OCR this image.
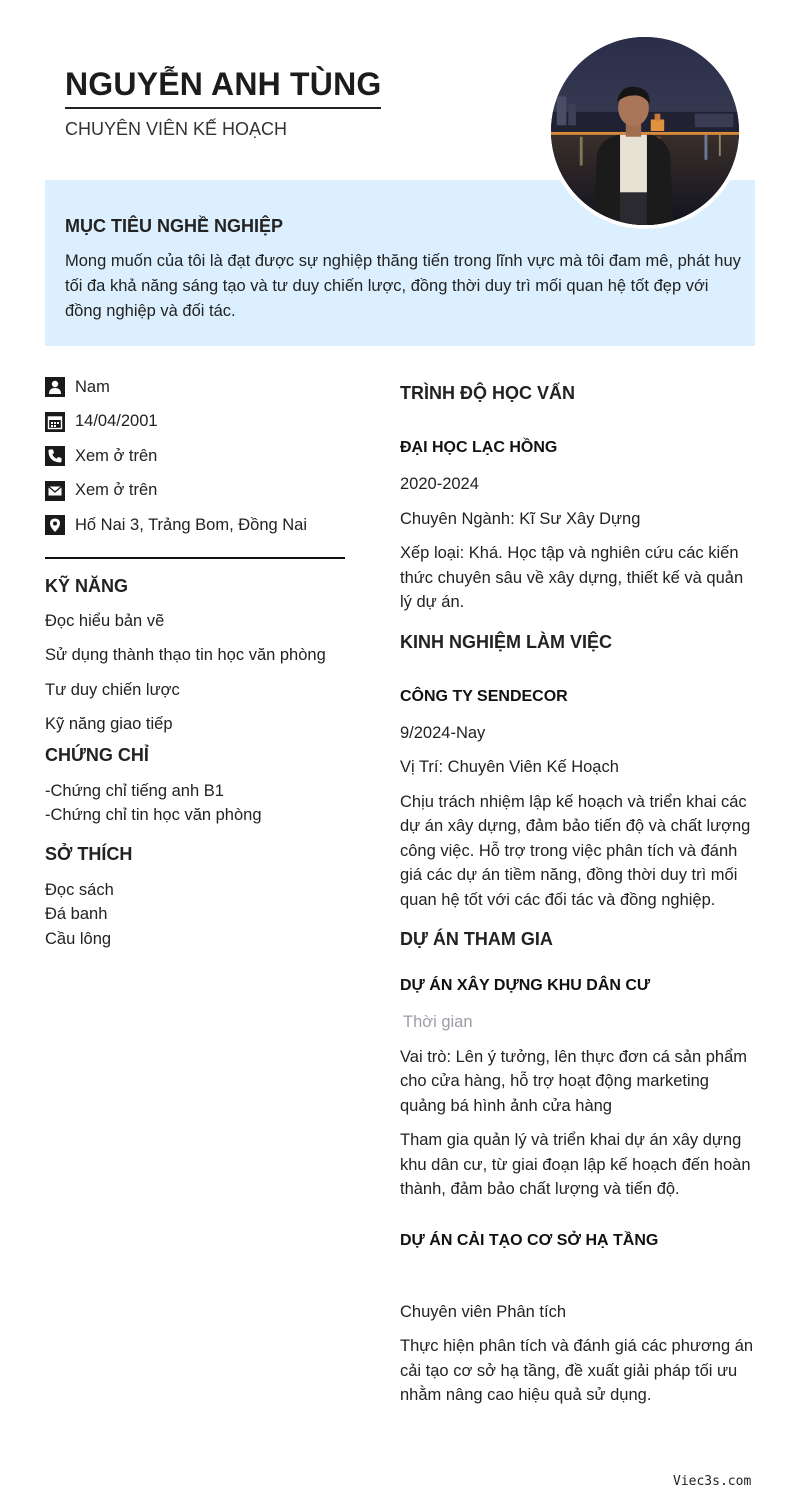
NGUYỄN ANH TÙNG
CHUYÊN VIÊN KẾ HOẠCH
MỤC TIÊU NGHỀ NGHIỆP
Mong muốn của tôi là đạt được sự nghiệp thăng tiến trong lĩnh vực mà tôi đam mê, phát huy tối đa khả năng sáng tạo và tư duy chiến lược, đồng thời duy trì mối quan hệ tốt đẹp với đồng nghiệp và đối tác.
Nam
14/04/2001
Xem ở trên
Xem ở trên
Hố Nai 3, Trảng Bom, Đồng Nai
KỸ NĂNG
Đọc hiểu bản vẽ
Sử dụng thành thạo tin học văn phòng
Tư duy chiến lược
Kỹ năng giao tiếp
CHỨNG CHỈ
-Chứng chỉ tiếng anh B1
-Chứng chỉ tin học văn phòng
SỞ THÍCH
Đọc sách
Đá banh
Cầu lông
TRÌNH ĐỘ HỌC VẤN
ĐẠI HỌC LẠC HỒNG
2020-2024
Chuyên Ngành: Kĩ Sư Xây Dựng
Xếp loại: Khá. Học tập và nghiên cứu các kiến thức chuyên sâu về xây dựng, thiết kế và quản lý dự án.
KINH NGHIỆM LÀM VIỆC
CÔNG TY SENDECOR
9/2024-Nay
Vị Trí: Chuyên Viên Kế Hoạch
Chịu trách nhiệm lập kế hoạch và triển khai các dự án xây dựng, đảm bảo tiến độ và chất lượng công việc. Hỗ trợ trong việc phân tích và đánh giá các dự án tiềm năng, đồng thời duy trì mối quan hệ tốt với các đối tác và đồng nghiệp.
DỰ ÁN THAM GIA
DỰ ÁN XÂY DỰNG KHU DÂN CƯ
Thời gian
Vai trò: Lên ý tưởng, lên thực đơn cá sản phẩm cho cửa hàng, hỗ trợ hoạt động marketing quảng bá hình ảnh cửa hàng
Tham gia quản lý và triển khai dự án xây dựng khu dân cư, từ giai đoạn lập kế hoạch đến hoàn thành, đảm bảo chất lượng và tiến độ.
DỰ ÁN CẢI TẠO CƠ SỞ HẠ TẦNG
Chuyên viên Phân tích
Thực hiện phân tích và đánh giá các phương án cải tạo cơ sở hạ tầng, đề xuất giải pháp tối ưu nhằm nâng cao hiệu quả sử dụng.
Viec3s.com
